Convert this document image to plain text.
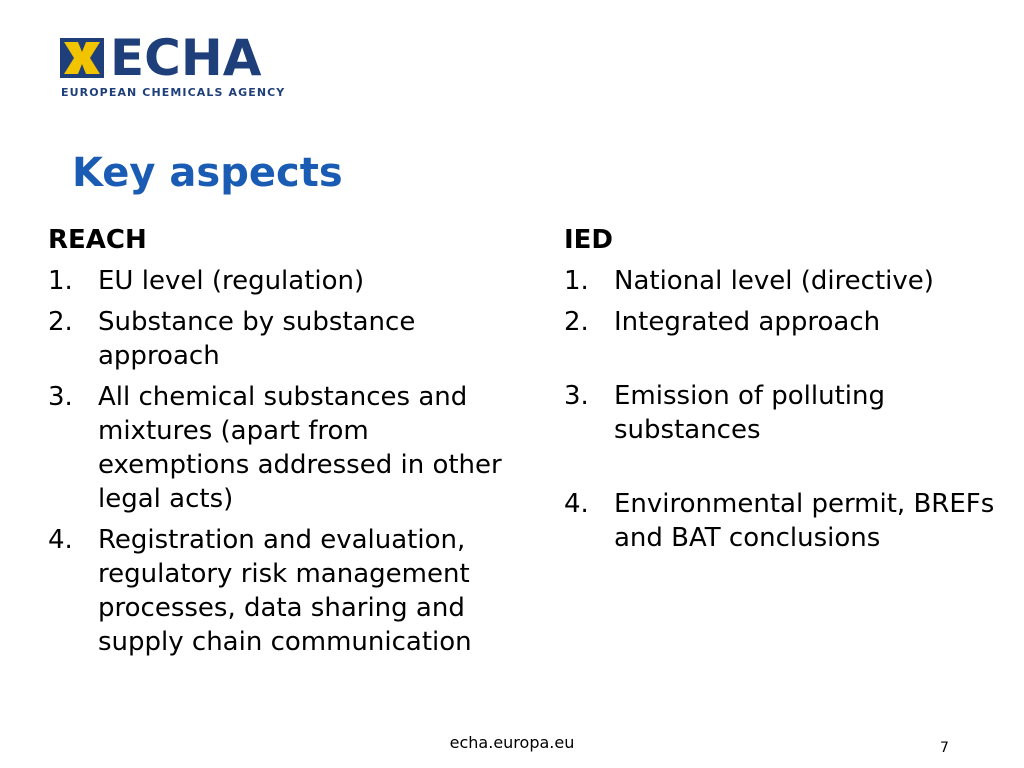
ECHA
EUROPEAN CHEMICALS AGENCY
Key aspects
REACH
1. EU level (regulation)
2. Substance by substance approach
3. All chemical substances and mixtures (apart from exemptions addressed in other legal acts)
4. Registration and evaluation, regulatory risk management processes, data sharing and supply chain communication
IED
1. National level (directive)
2. Integrated approach
3. Emission of polluting substances
4. Environmental permit, BREFs and BAT conclusions
echa.europa.eu	7
